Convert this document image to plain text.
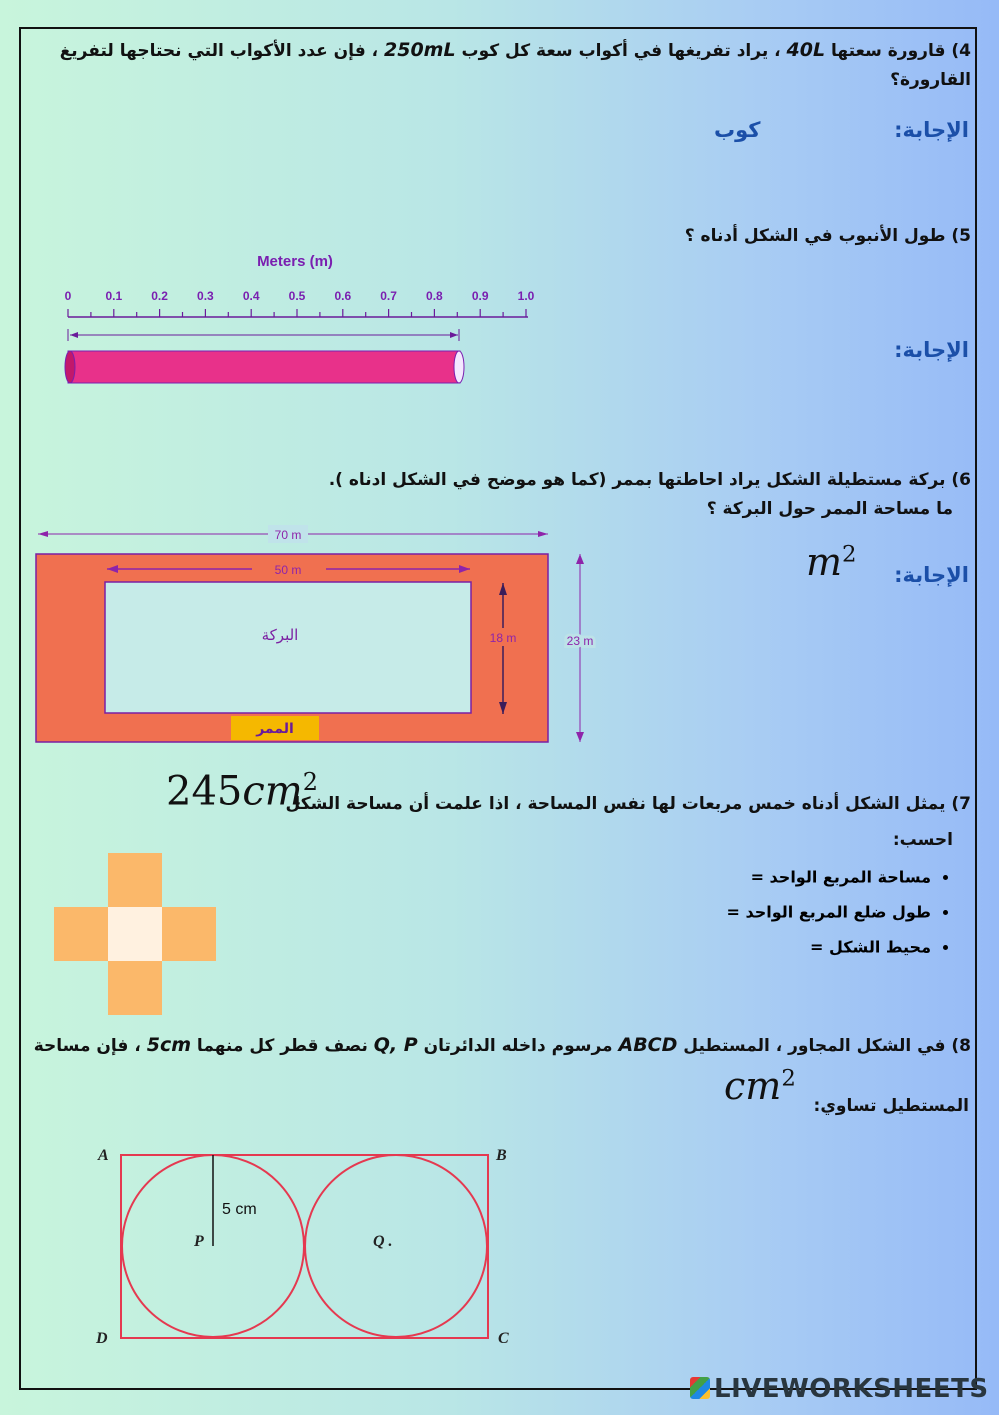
4) قارورة سعتها 40L ، يراد تفريغها في أكواب سعة كل كوب 250mL ، فإن عدد الأكواب التي نحتاجها لتفريغ
القارورة؟
الإجابة:
كوب
5) طول الأنبوب في الشكل أدناه ؟
الإجابة:
Meters (m)
0	0.1 0.2 0.3 0.4 0.5 0.6 0.7 0.8 0.9 1.0
6) بركة مستطيلة الشكل يراد احاطتها بممر (كما هو موضح في الشكل ادناه ).
ما مساحة الممر حول البركة ؟
الإجابة:
$m^2$
70 m
البركة
50 m
18 m	23 m
الممر
7) يمثل الشكل أدناه خمس مربعات لها نفس المساحة ، اذا علمت أن مساحة الشكل
$245cm^2$
احسب:
• مساحة المربع الواحد =
• طول ضلع المربع الواحد =
• محيط الشكل =
8) في الشكل المجاور ، المستطيل ABCD مرسوم داخله الدائرتان Q, P نصف قطر كل منهما 5cm ، فإن مساحة
المستطيل تساوي:
$cm^2$
5 cm
A	B
C
D
P	Q .
LIVEWORKSHEETS
